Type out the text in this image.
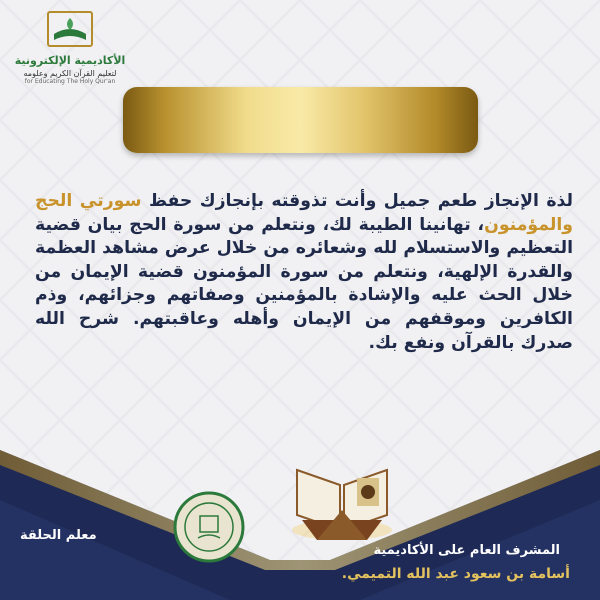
الأكاديمية الإلكترونية
لتعليم القرآن الكريم وعلومه
for Educating The Holy Qur'an
لذة الإنجاز طعم جميل وأنت تذوقته بإنجازك حفظ سورتي الحج والمؤمنون، تهانينا الطيبة لك، ونتعلم من سورة الحج بيان قضية التعظيم والاستسلام لله وشعائره من خلال عرض مشاهد العظمة والقدرة الإلهية، ونتعلم من سورة المؤمنون قضية الإيمان من خلال الحث عليه والإشادة بالمؤمنين وصفاتهم وجزائهم، وذم الكافرين وموقفهم من الإيمان وأهله وعاقبتهم. شرح الله صدرك بالقرآن ونفع بك.
المشرف العام على الأكاديمية
أسامة بن سعود عبد الله التميمي.
معلم الحلقة
